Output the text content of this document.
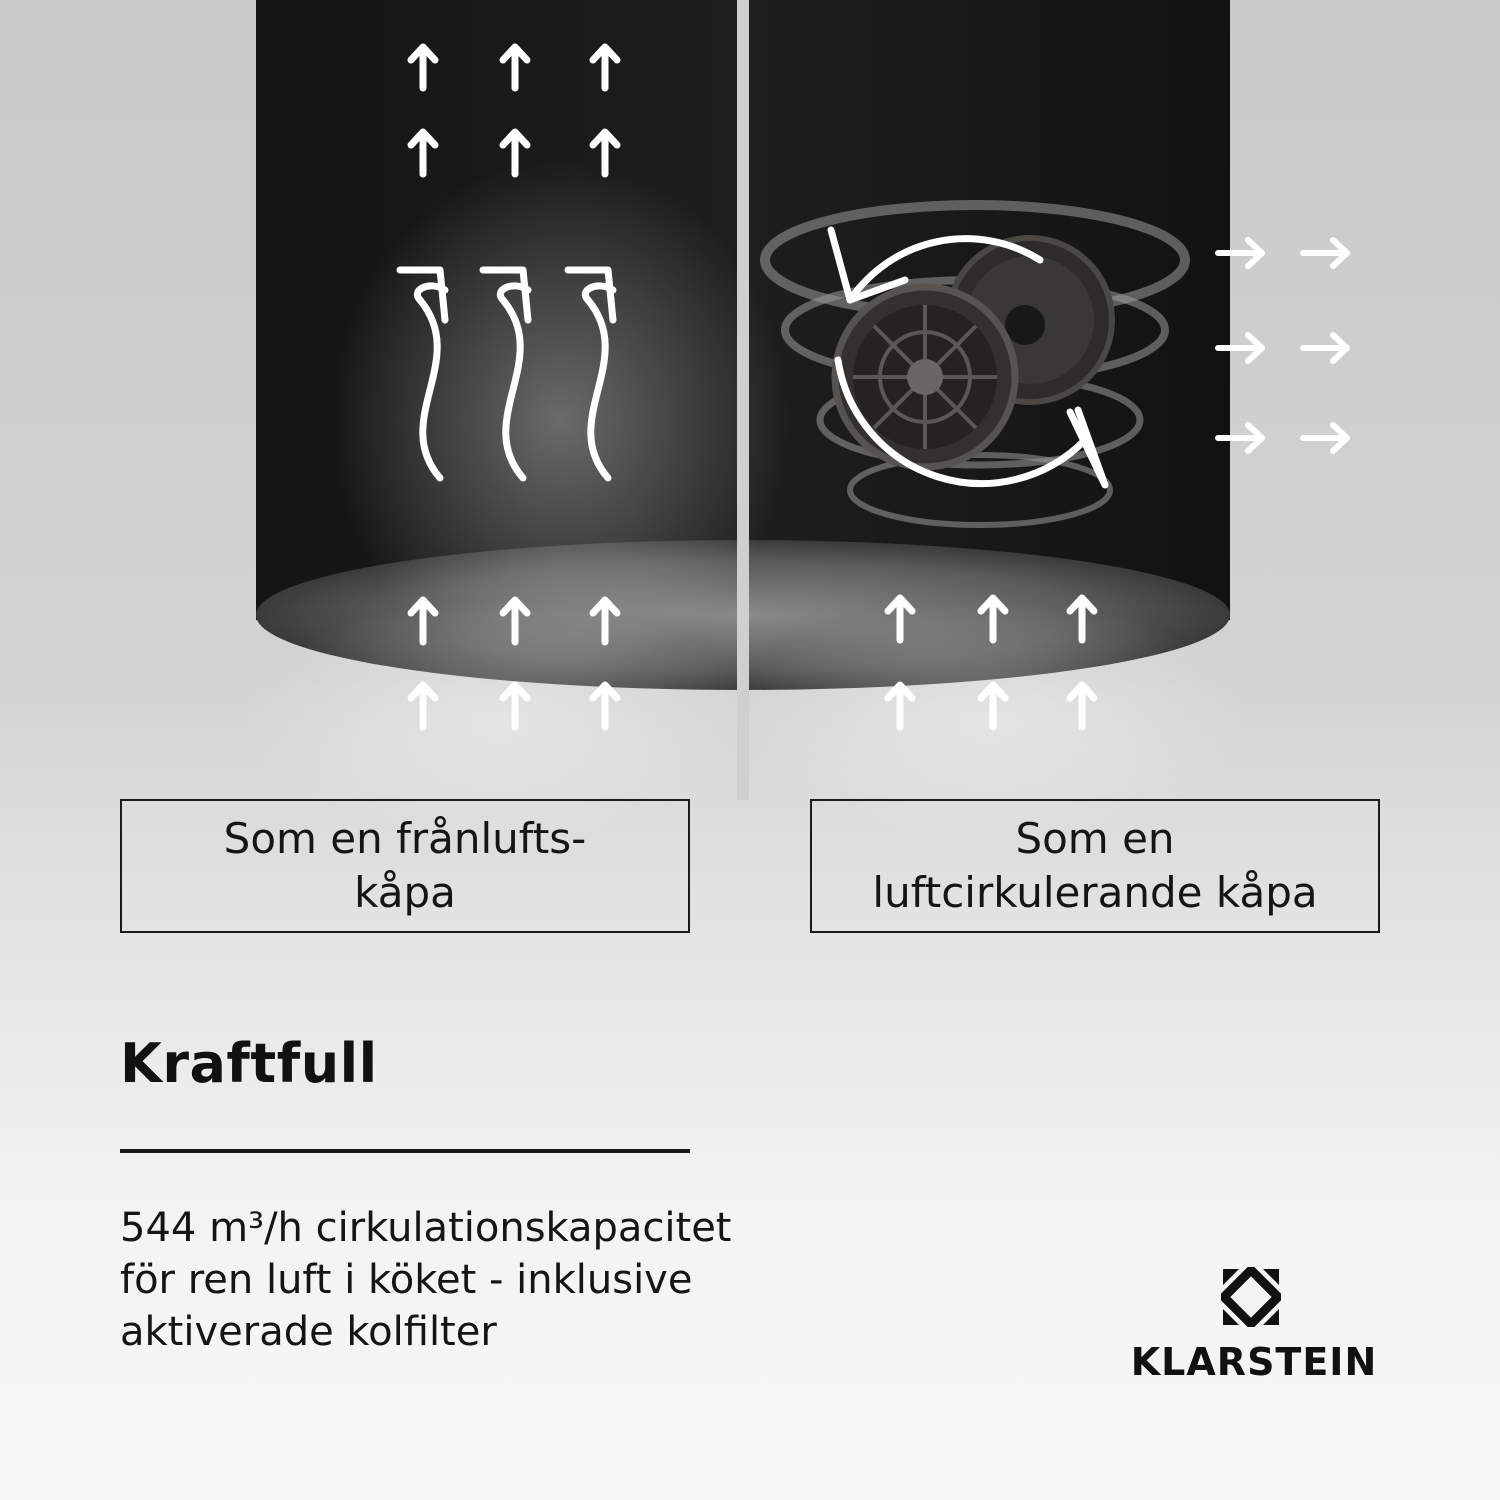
Som en frånlufts-
kåpa
Som en
luftcirkulerande kåpa
Kraftfull

544 m³/h cirkulationskapacitet
för ren luft i köket - inklusive
aktiverade kolfilter

KLARSTEIN
